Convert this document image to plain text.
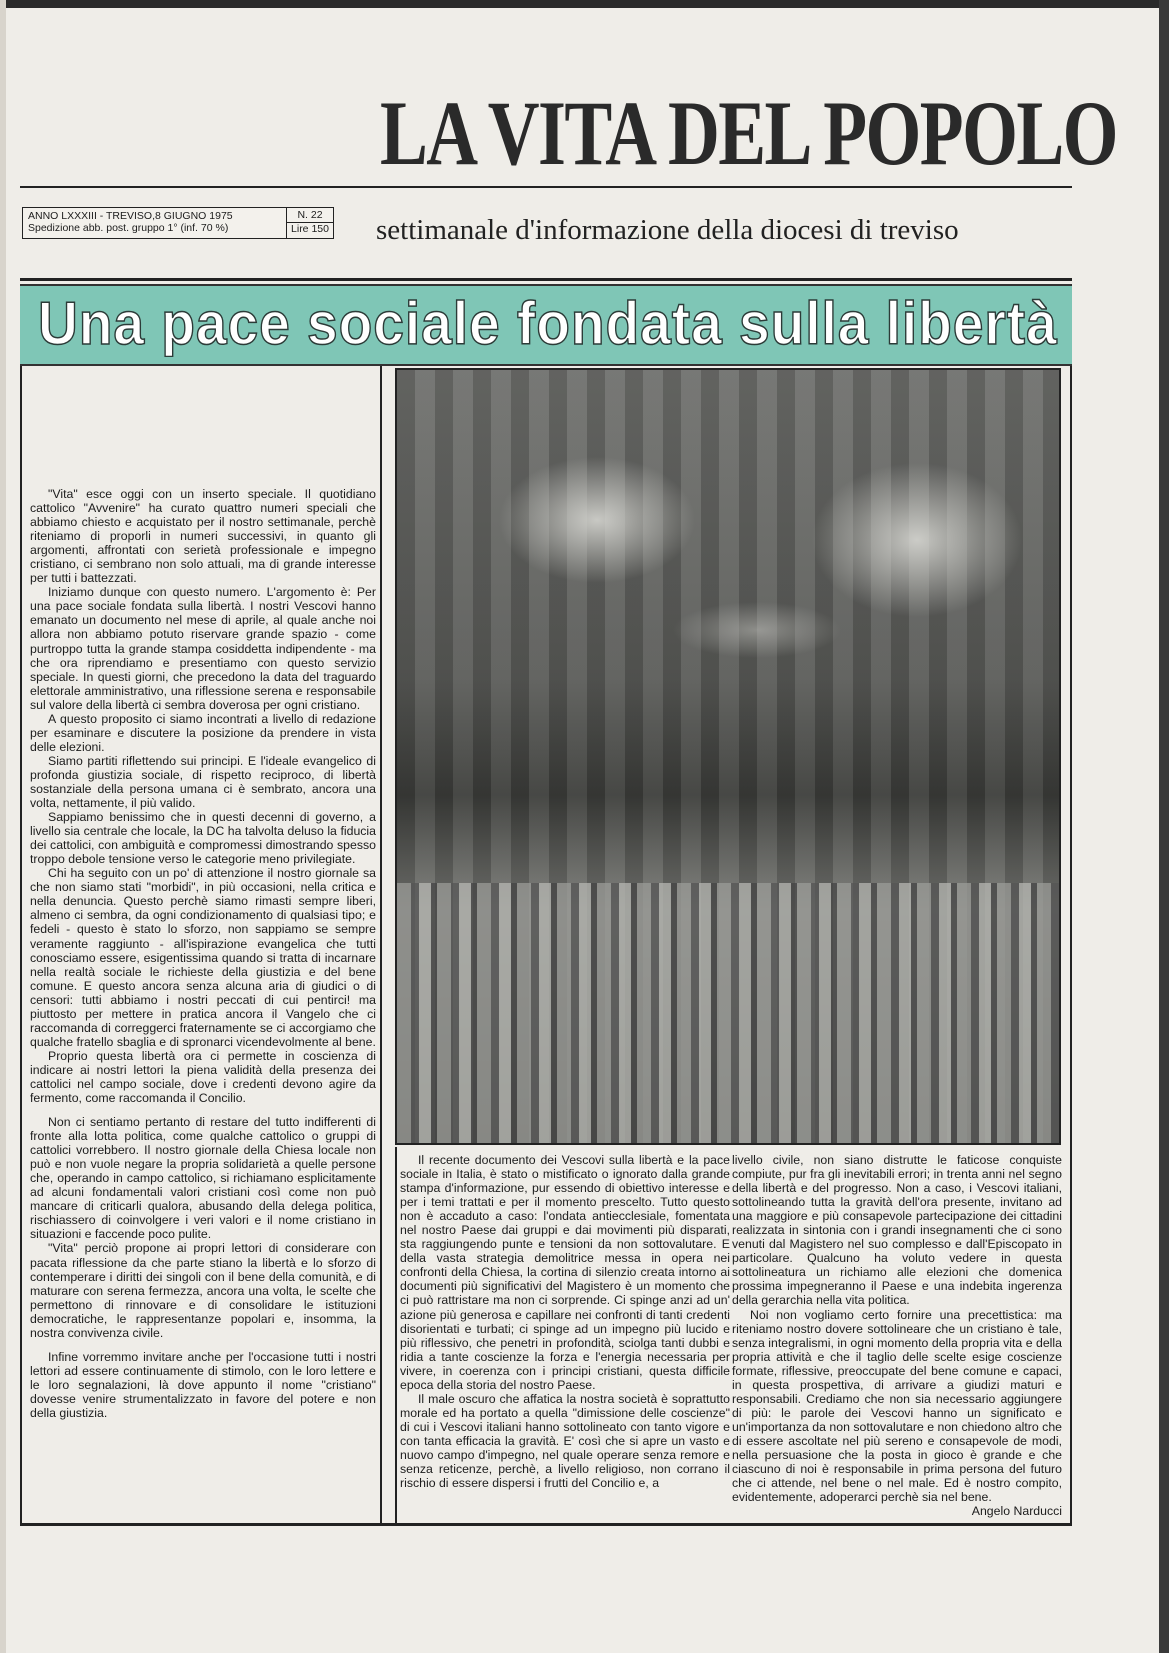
LA VITA DEL POPOLO
ANNO LXXXIII - TREVISO,8 GIUGNO 1975
Spedizione abb. post. gruppo 1° (inf. 70 %)
N. 22
Lire 150 settimanale d'informazione della diocesi di treviso
Una pace sociale fondata sulla libertà

"Vita" esce oggi con un inserto speciale. Il quotidiano cattolico "Avvenire" ha curato quattro numeri speciali che abbiamo chiesto e acquistato per il nostro settimanale, perchè riteniamo di proporli in numeri successivi, in quanto gli argomenti, affrontati con serietà professionale e impegno cristiano, ci sembrano non solo attuali, ma di grande interesse per tutti i battezzati.

Iniziamo dunque con questo numero. L'argomento è: Per una pace sociale fondata sulla libertà. I nostri Vescovi hanno emanato un documento nel mese di aprile, al quale anche noi allora non abbiamo potuto riservare grande spazio - come purtroppo tutta la grande stampa cosiddetta indipendente - ma che ora riprendiamo e presentiamo con questo servizio speciale. In questi giorni, che precedono la data del traguardo elettorale amministrativo, una riflessione serena e responsabile sul valore della libertà ci sembra doverosa per ogni cristiano.

A questo proposito ci siamo incontrati a livello di redazione per esaminare e discutere la posizione da prendere in vista delle elezioni.

Siamo partiti riflettendo sui principi. E l'ideale evangelico di profonda giustizia sociale, di rispetto reciproco, di libertà sostanziale della persona umana ci è sembrato, ancora una volta, nettamente, il più valido.

Sappiamo benissimo che in questi decenni di governo, a livello sia centrale che locale, la DC ha talvolta deluso la fiducia dei cattolici, con ambiguità e compromessi dimostrando spesso troppo debole tensione verso le categorie meno privilegiate.

Chi ha seguito con un po' di attenzione il nostro giornale sa che non siamo stati "morbidi", in più occasioni, nella critica e nella denuncia. Questo perchè siamo rimasti sempre liberi, almeno ci sembra, da ogni condizionamento di qualsiasi tipo; e fedeli - questo è stato lo sforzo, non sappiamo se sempre veramente raggiunto - all'ispirazione evangelica che tutti conosciamo essere, esigentissima quando si tratta di incarnare nella realtà sociale le richieste della giustizia e del bene comune. E questo ancora senza alcuna aria di giudici o di censori: tutti abbiamo i nostri peccati di cui pentirci! ma piuttosto per mettere in pratica ancora il Vangelo che ci raccomanda di correggerci fraternamente se ci accorgiamo che qualche fratello sbaglia e di spronarci vicendevolmente al bene.

Proprio questa libertà ora ci permette in coscienza di indicare ai nostri lettori la piena validità della presenza dei cattolici nel campo sociale, dove i credenti devono agire da fermento, come raccomanda il Concilio.

Non ci sentiamo pertanto di restare del tutto indifferenti di fronte alla lotta politica, come qualche cattolico o gruppi di cattolici vorrebbero. Il nostro giornale della Chiesa locale non può e non vuole negare la propria solidarietà a quelle persone che, operando in campo cattolico, si richiamano esplicitamente ad alcuni fondamentali valori cristiani così come non può mancare di criticarli qualora, abusando della delega politica, rischiassero di coinvolgere i veri valori e il nome cristiano in situazioni e faccende poco pulite.

"Vita" perciò propone ai propri lettori di considerare con pacata riflessione da che parte stiano la libertà e lo sforzo di contemperare i diritti dei singoli con il bene della comunità, e di maturare con serena fermezza, ancora una volta, le scelte che permettono di rinnovare e di consolidare le istituzioni democratiche, le rappresentanze popolari e, insomma, la nostra convivenza civile.

Infine vorremmo invitare anche per l'occasione tutti i nostri lettori ad essere continuamente di stimolo, con le loro lettere e le loro segnalazioni, là dove appunto il nome "cristiano" dovesse venire strumentalizzato in favore del potere e non della giustizia.

Il recente documento dei Vescovi sulla libertà e la pace sociale in Italia, è stato o mistificato o ignorato dalla grande stampa d'informazione, pur essendo di obiettivo interesse e per i temi trattati e per il momento prescelto. Tutto questo non è accaduto a caso: l'ondata antiecclesiale, fomentata nel nostro Paese dai gruppi e dai movimenti più disparati, sta raggiungendo punte e tensioni da non sottovalutare. E della vasta strategia demolitrice messa in opera nei confronti della Chiesa, la cortina di silenzio creata intorno ai documenti più significativi del Magistero è un momento che ci può rattristare ma non ci sorprende. Ci spinge anzi ad un' azione più generosa e capillare nei confronti di tanti credenti disorientati e turbati; ci spinge ad un impegno più lucido e più riflessivo, che penetri in profondità, sciolga tanti dubbi e ridia a tante coscienze la forza e l'energia necessaria per vivere, in coerenza con i principi cristiani, questa difficile epoca della storia del nostro Paese.

Il male oscuro che affatica la nostra società è soprattutto morale ed ha portato a quella "dimissione delle coscienze" di cui i Vescovi italiani hanno sottolineato con tanto vigore e con tanta efficacia la gravità. E' così che si apre un vasto e nuovo campo d'impegno, nel quale operare senza remore e senza reticenze, perchè, a livello religioso, non corrano il rischio di essere dispersi i frutti del Concilio e, a

livello civile, non siano distrutte le faticose conquiste compiute, pur fra gli inevitabili errori; in trenta anni nel segno della libertà e del progresso. Non a caso, i Vescovi italiani, sottolineando tutta la gravità dell'ora presente, invitano ad una maggiore e più consapevole partecipazione dei cittadini realizzata in sintonia con i grandi insegnamenti che ci sono venuti dal Magistero nel suo complesso e dall'Episcopato in particolare. Qualcuno ha voluto vedere in questa sottolineatura un richiamo alle elezioni che domenica prossima impegneranno il Paese e una indebita ingerenza della gerarchia nella vita politica.

Noi non vogliamo certo fornire una precettistica: ma riteniamo nostro dovere sottolineare che un cristiano è tale, senza integralismi, in ogni momento della propria vita e della propria attività e che il taglio delle scelte esige coscienze formate, riflessive, preoccupate del bene comune e capaci, in questa prospettiva, di arrivare a giudizi maturi e responsabili. Crediamo che non sia necessario aggiungere di più: le parole dei Vescovi hanno un significato e un'importanza da non sottovalutare e non chiedono altro che di essere ascoltate nel più sereno e consapevole de modi, nella persuasione che la posta in gioco è grande e che ciascuno di noi è responsabile in prima persona del futuro che ci attende, nel bene o nel male. Ed è nostro compito, evidentemente, adoperarci perchè sia nel bene.
Angelo Narducci
